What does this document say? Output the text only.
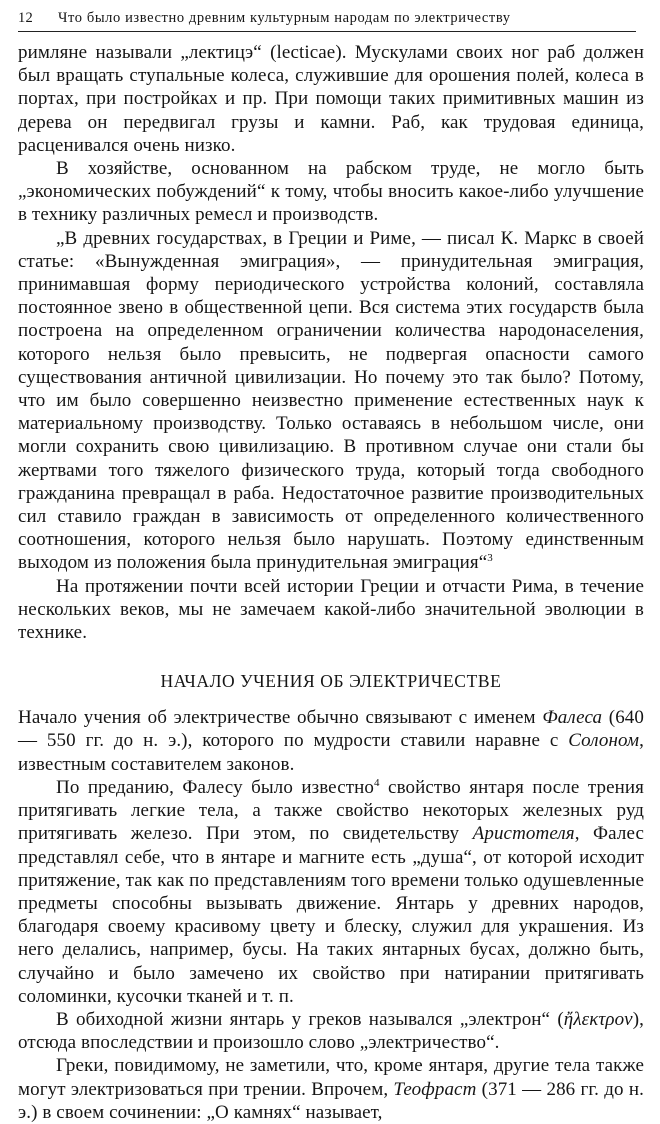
12	Что было известно древним культурным народам по электричеству

римляне называли „лектицэ“ (lecticae). Мускулами своих ног раб должен был вращать ступальные колеса, служившие для орошения полей, колеса в портах, при постройках и пр. При помощи таких примитивных машин из дерева он передвигал грузы и камни. Раб, как трудовая единица, расценивался очень низко.

В хозяйстве, основанном на рабском труде, не могло быть „экономических побуждений“ к тому, чтобы вносить какое-либо улучшение в технику различных ремесл и производств.

„В древних государствах, в Греции и Риме, — писал К. Маркс в своей статье: «Вынужденная эмиграция», — принудительная эмиграция, принимавшая форму периодического устройства колоний, составляла постоянное звено в общественной цепи. Вся система этих государств была построена на определенном ограничении количества народонаселения, которого нельзя было превысить, не подвергая опасности самого существования античной цивилизации. Но почему это так было? Потому, что им было совершенно неизвестно применение естественных наук к материальному производству. Только оставаясь в небольшом числе, они могли сохранить свою цивилизацию. В противном случае они стали бы жертвами того тяжелого физического труда, который тогда свободного гражданина превращал в раба. Недостаточное развитие производительных сил ставило граждан в зависимость от определенного количественного соотношения, которого нельзя было нарушать. Поэтому единственным выходом из положения была принудительная эмиграция“$^3$

На протяжении почти всей истории Греции и отчасти Рима, в течение нескольких веков, мы не замечаем какой-либо значительной эволюции в технике.

НАЧАЛО УЧЕНИЯ ОБ ЭЛЕКТРИЧЕСТВЕ

Начало учения об электричестве обычно связывают с именем Фалеса (640 — 550 гг. до н. э.), которого по мудрости ставили наравне с Солоном, известным составителем законов.

По преданию, Фалесу было известно$^4$ свойство янтаря после трения притягивать легкие тела, а также свойство некоторых железных руд притягивать железо. При этом, по свидетельству Аристотеля, Фалес представлял себе, что в янтаре и магните есть „душа“, от которой исходит притяжение, так как по представлениям того времени только одушевленные предметы способны вызывать движение. Янтарь у древних народов, благодаря своему красивому цвету и блеску, служил для украшения. Из него делались, например, бусы. На таких янтарных бусах, должно быть, случайно и было замечено их свойство при натирании притягивать соломинки, кусочки тканей и т. п.

В обиходной жизни янтарь у греков назывался „электрон“ (ἤλεκτρον), отсюда впоследствии и произошло слово „электричество“.

Греки, повидимому, не заметили, что, кроме янтаря, другие тела также могут электризоваться при трении. Впрочем, Теофраст (371 — 286 гг. до н. э.) в своем сочинении: „О камнях“ называет,
